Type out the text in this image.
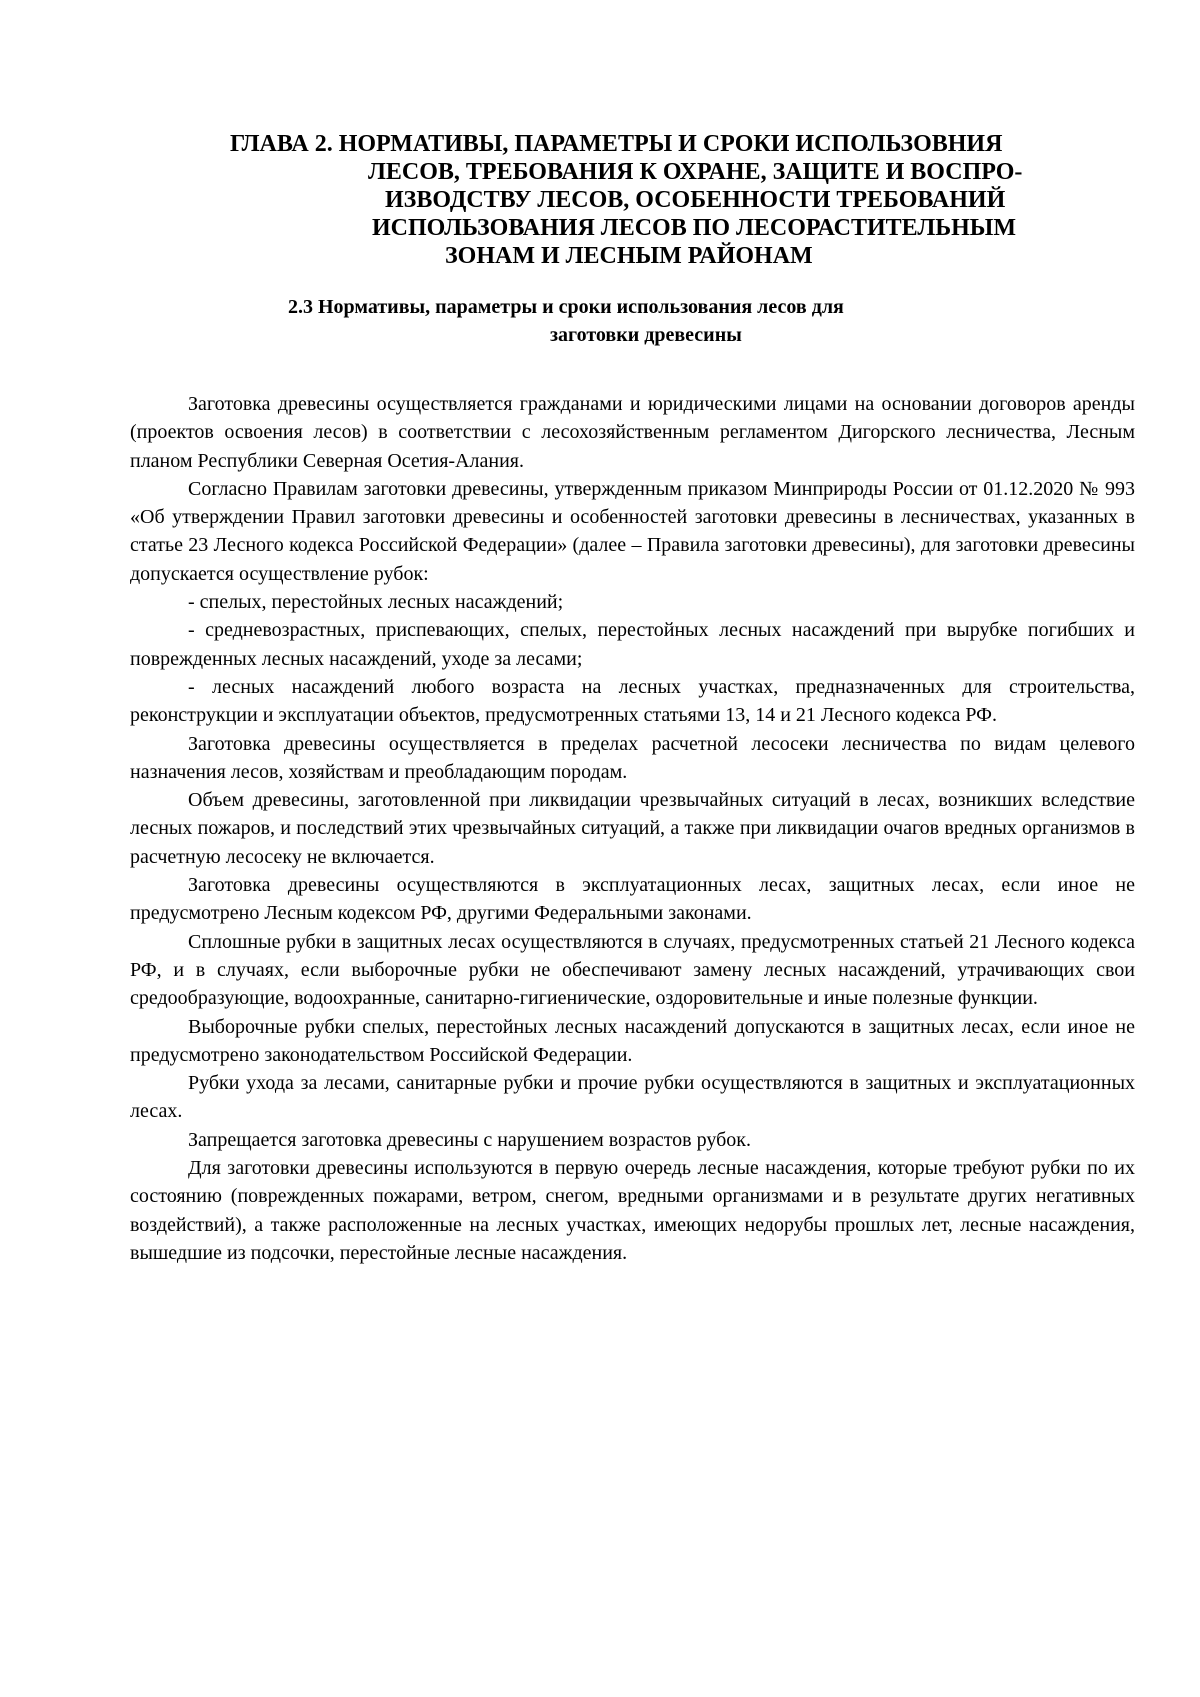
ГЛАВА 2. НОРМАТИВЫ, ПАРАМЕТРЫ И СРОКИ ИСПОЛЬЗОВНИЯ
ЛЕСОВ, ТРЕБОВАНИЯ К ОХРАНЕ, ЗАЩИТЕ И ВОСПРО-
ИЗВОДСТВУ ЛЕСОВ, ОСОБЕННОСТИ ТРЕБОВАНИЙ
ИСПОЛЬЗОВАНИЯ ЛЕСОВ ПО ЛЕСОРАСТИТЕЛЬНЫМ
ЗОНАМ И ЛЕСНЫМ РАЙОНАМ
2.3 Нормативы, параметры и сроки использования лесов для
заготовки древесины

Заготовка древесины осуществляется гражданами и юридическими лицами на основании договоров аренды (проектов освоения лесов) в соответствии с лесохозяйственным регламентом Дигорского лесничества, Лесным планом Республики Северная Осетия-Алания.

Согласно Правилам заготовки древесины, утвержденным приказом Минприроды России от 01.12.2020 № 993 «Об утверждении Правил заготовки древесины и особенностей заготовки древесины в лесничествах, указанных в статье 23 Лесного кодекса Российской Федерации» (далее – Правила заготовки древесины), для заготовки древесины допускается осуществление рубок:

- спелых, перестойных лесных насаждений;

- средневозрастных, приспевающих, спелых, перестойных лесных насаждений при вырубке погибших и поврежденных лесных насаждений, уходе за лесами;

- лесных насаждений любого возраста на лесных участках, предназначенных для строительства, реконструкции и эксплуатации объектов, предусмотренных статьями 13, 14 и 21 Лесного кодекса РФ.

Заготовка древесины осуществляется в пределах расчетной лесосеки лесничества по видам целевого назначения лесов, хозяйствам и преобладающим породам.

Объем древесины, заготовленной при ликвидации чрезвычайных ситуаций в лесах, возникших вследствие лесных пожаров, и последствий этих чрезвычайных ситуаций, а также при ликвидации очагов вредных организмов в расчетную лесосеку не включается.

Заготовка древесины осуществляются в эксплуатационных лесах, защитных лесах, если иное не предусмотрено Лесным кодексом РФ, другими Федеральными законами.

Сплошные рубки в защитных лесах осуществляются в случаях, предусмотренных статьей 21 Лесного кодекса РФ, и в случаях, если выборочные рубки не обеспечивают замену лесных насаждений, утрачивающих свои средообразующие, водоохранные, санитарно-гигиенические, оздоровительные и иные полезные функции.

Выборочные рубки спелых, перестойных лесных насаждений допускаются в защитных лесах, если иное не предусмотрено законодательством Российской Федерации.

Рубки ухода за лесами, санитарные рубки и прочие рубки осуществляются в защитных и эксплуатационных лесах.

Запрещается заготовка древесины с нарушением возрастов рубок.

Для заготовки древесины используются в первую очередь лесные насаждения, которые требуют рубки по их состоянию (поврежденных пожарами, ветром, снегом, вредными организмами и в результате других негативных воздействий), а также расположенные на лесных участках, имеющих недорубы прошлых лет, лесные насаждения, вышедшие из подсочки, перестойные лесные насаждения.
